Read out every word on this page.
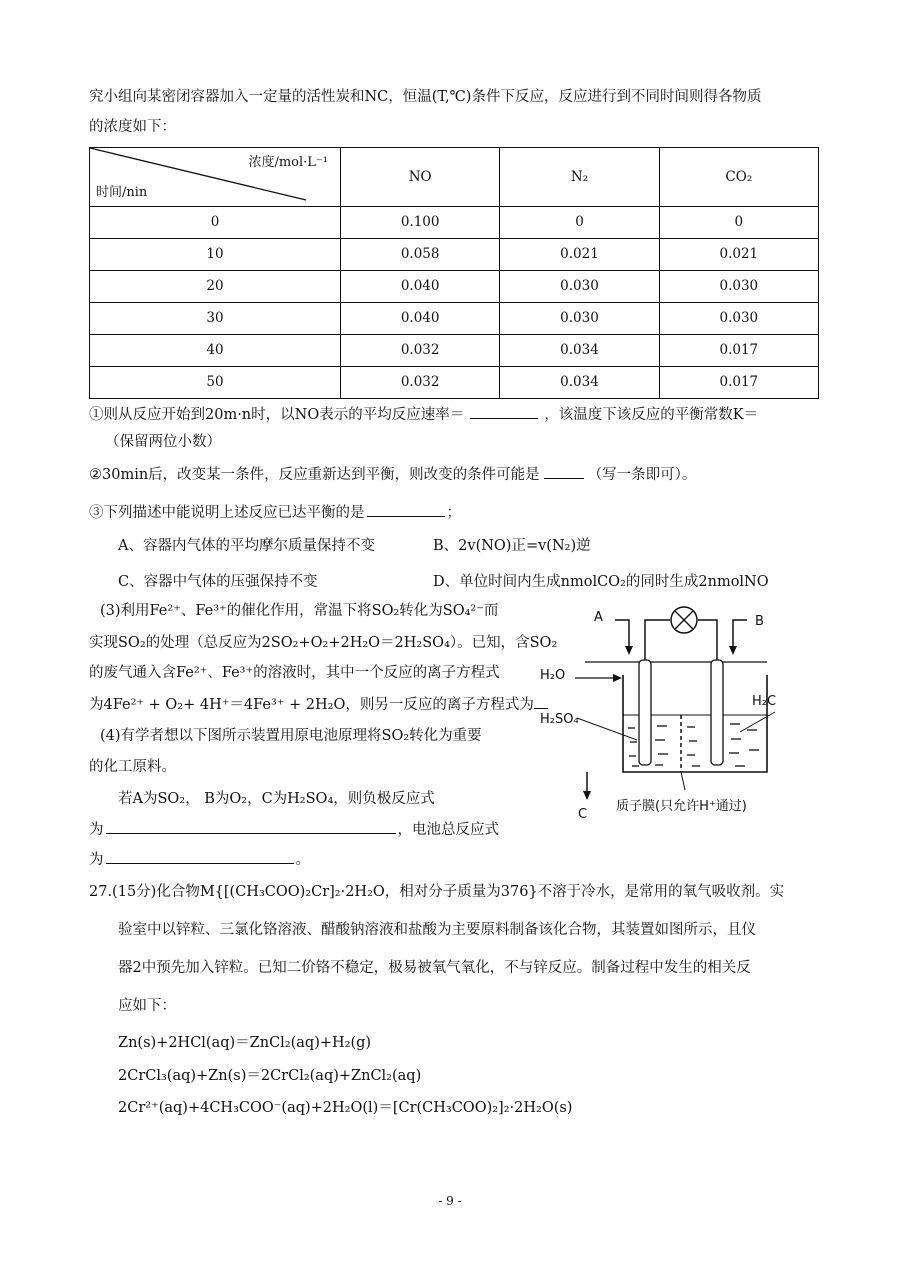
究小组向某密闭容器加入一定量的活性炭和NC，恒温(T,℃)条件下反应，反应进行到不同时间则得各物质
的浓度如下：
浓度/mol·L⁻¹
时间/nin	NO	N₂	CO₂
0	0.100	0	0
10	0.058	0.021	0.021
20	0.040	0.030	0.030
30	0.040	0.030	0.030
40	0.032	0.034	0.017
50	0.032	0.034	0.017
①则从反应开始到20m·n时，以NO表示的平均反应速率＝	，该温度下该反应的平衡常数K＝
（保留两位小数）
②30min后，改变某一条件，反应重新达到平衡，则改变的条件可能是	（写一条即可）。
③下列描述中能说明上述反应已达平衡的是	；
A、容器内气体的平均摩尔质量保持不变	B、2v(NO)正=v(N₂)逆
C、容器中气体的压强保持不变	D、单位时间内生成nmolCO₂的同时生成2nmolNO
(3)利用Fe²⁺、Fe³⁺的催化作用，常温下将SO₂转化为SO₄²⁻而
实现SO₂的处理（总反应为2SO₂+O₂+2H₂O＝2H₂SO₄）。已知，含SO₂
的废气通入含Fe²⁺、Fe³⁺的溶液时，其中一个反应的离子方程式
为4Fe²⁺ + O₂+ 4H⁺＝4Fe³⁺ + 2H₂O，则另一反应的离子方程式为
(4)有学者想以下图所示装置用原电池原理将SO₂转化为重要
的化工原料。
若A为SO₂， B为O₂，C为H₂SO₄，则负极反应式
为	，电池总反应式
为	。
A	B
H₂O
H₂C
H₂SO₄
质子膜(只允许H⁺通过)
C
27.(15分)化合物M{[(CH₃COO)₂Cr]₂·2H₂O，相对分子质量为376}不溶于冷水，是常用的氧气吸收剂。实
验室中以锌粒、三氯化铬溶液、醋酸钠溶液和盐酸为主要原料制备该化合物，其装置如图所示，且仪
器2中预先加入锌粒。已知二价铬不稳定，极易被氧气氧化，不与锌反应。制备过程中发生的相关反
应如下：
Zn(s)+2HCl(aq)＝ZnCl₂(aq)+H₂(g)
2CrCl₃(aq)+Zn(s)＝2CrCl₂(aq)+ZnCl₂(aq)
2Cr²⁺(aq)+4CH₃COO⁻(aq)+2H₂O(l)＝[Cr(CH₃COO)₂]₂·2H₂O(s)
- 9 -
